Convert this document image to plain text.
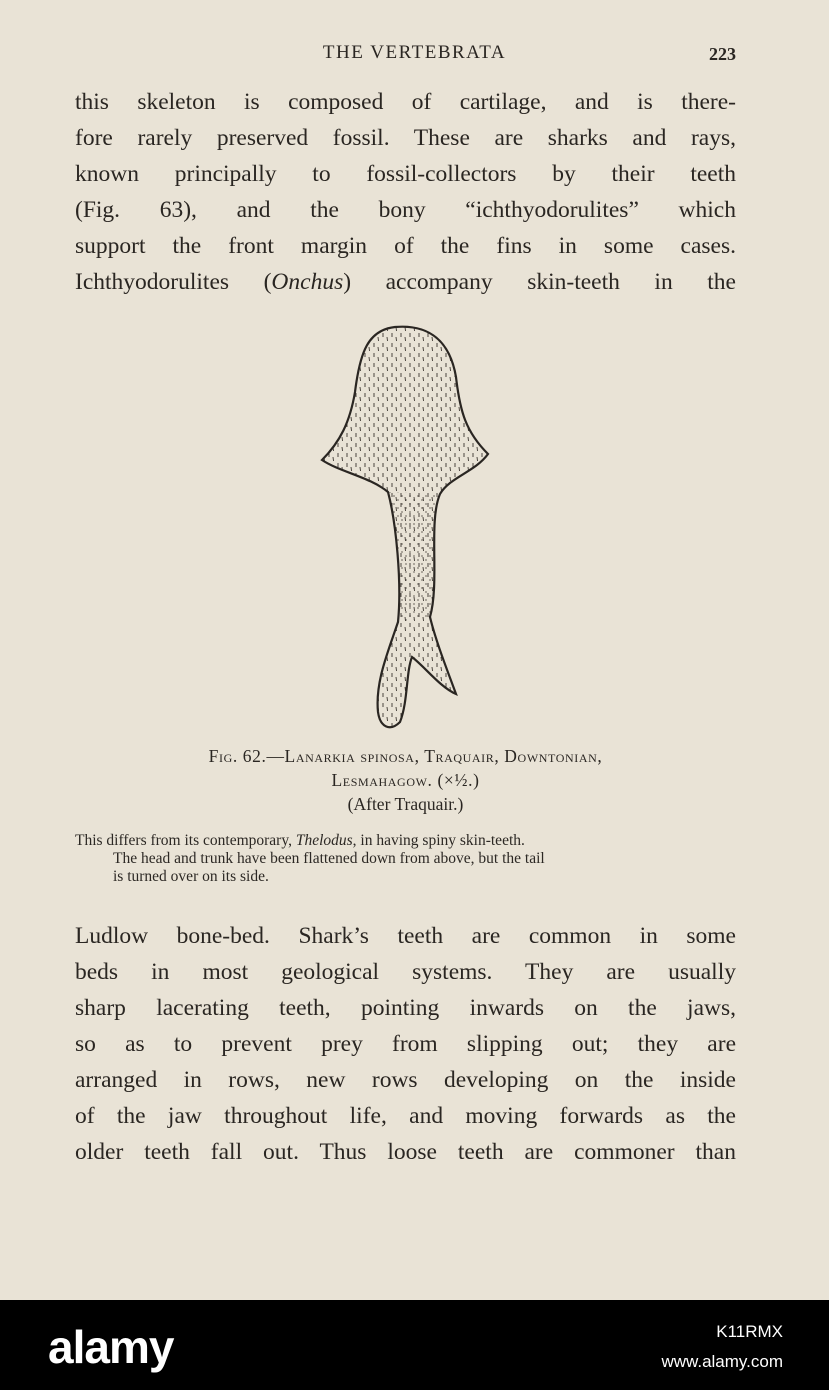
THE VERTEBRATA	223
this skeleton is composed of cartilage, and is there-
fore rarely preserved fossil. These are sharks and rays,
known principally to fossil-collectors by their teeth
(Fig. 63), and the bony “ichthyodorulites” which
support the front margin of the fins in some cases.
Ichthyodorulites (Onchus) accompany skin-teeth in the
Fig. 62.—Lanarkia spinosa, Traquair, Downtonian,
Lesmahagow. (×½.)
(After Traquair.)
This differs from its contemporary, Thelodus, in having spiny skin-teeth.
The head and trunk have been flattened down from above, but the tail
is turned over on its side.
Ludlow bone-bed. Shark’s teeth are common in some
beds in most geological systems. They are usually
sharp lacerating teeth, pointing inwards on the jaws,
so as to prevent prey from slipping out; they are
arranged in rows, new rows developing on the inside
of the jaw throughout life, and moving forwards as the
older teeth fall out. Thus loose teeth are commoner than
alamy	K11RMX
www.alamy.com
